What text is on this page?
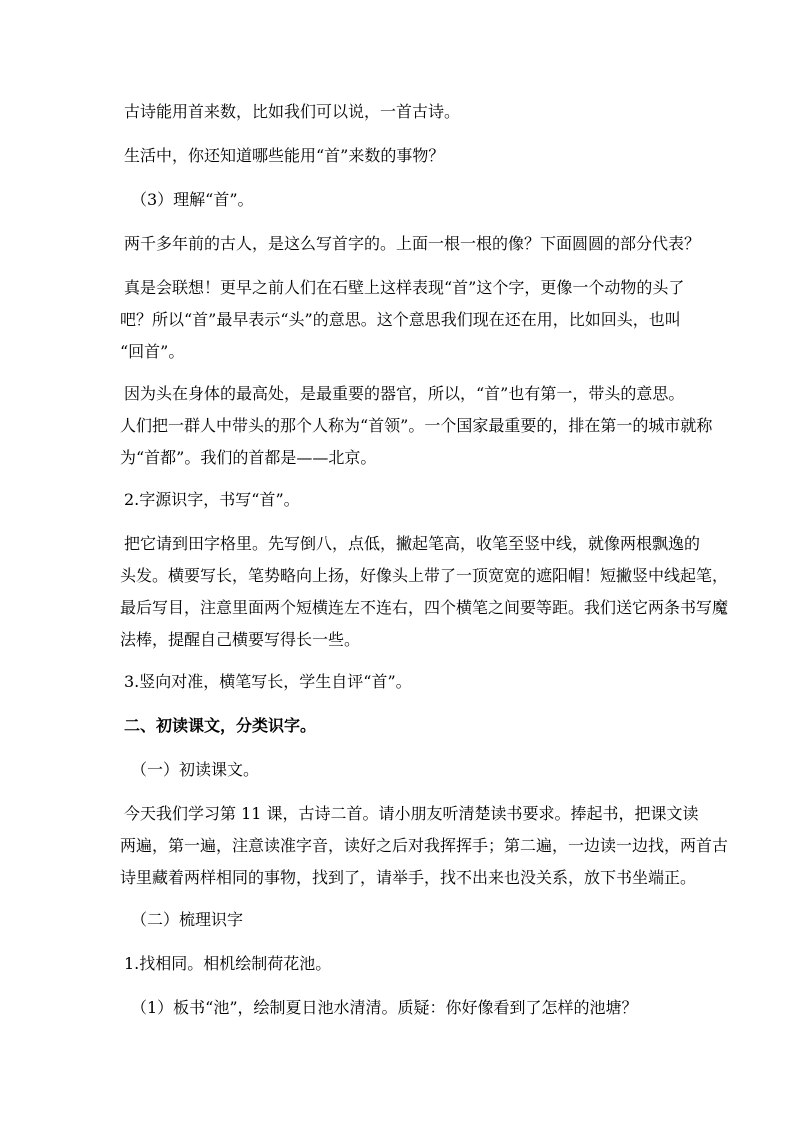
古诗能用首来数，比如我们可以说，一首古诗。
生活中，你还知道哪些能用“首”来数的事物？
（3）理解“首”。
两千多年前的古人，是这么写首字的。上面一根一根的像？下面圆圆的部分代表？
真是会联想！更早之前人们在石壁上这样表现“首”这个字，更像一个动物的头了
吧？所以“首”最早表示“头”的意思。这个意思我们现在还在用，比如回头，也叫
“回首”。
因为头在身体的最高处，是最重要的器官，所以，“首”也有第一，带头的意思。
人们把一群人中带头的那个人称为“首领”。一个国家最重要的，排在第一的城市就称
为“首都”。我们的首都是——北京。
2.字源识字，书写“首”。
把它请到田字格里。先写倒八，点低，撇起笔高，收笔至竖中线，就像两根飘逸的
头发。横要写长，笔势略向上扬，好像头上带了一顶宽宽的遮阳帽！短撇竖中线起笔，
最后写目，注意里面两个短横连左不连右，四个横笔之间要等距。我们送它两条书写魔
法棒，提醒自己横要写得长一些。
3.竖向对准，横笔写长，学生自评“首”。
二、初读课文，分类识字。
（一）初读课文。
今天我们学习第 11 课，古诗二首。请小朋友听清楚读书要求。捧起书，把课文读
两遍，第一遍，注意读准字音，读好之后对我挥挥手；第二遍，一边读一边找，两首古
诗里藏着两样相同的事物，找到了，请举手，找不出来也没关系，放下书坐端正。
（二）梳理识字
1.找相同。相机绘制荷花池。
（1）板书“池”，绘制夏日池水清清。质疑：你好像看到了怎样的池塘？
